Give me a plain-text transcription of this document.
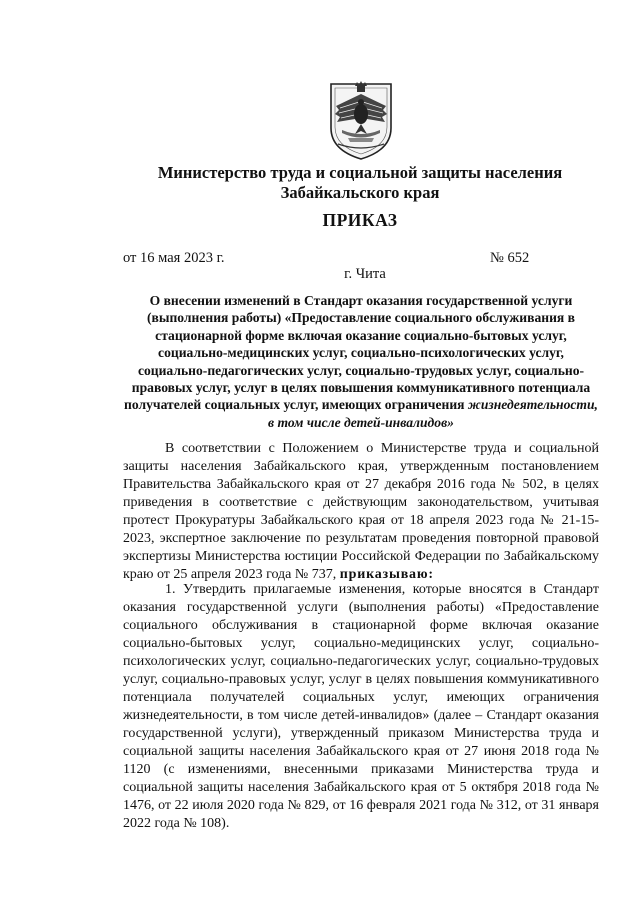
Министерство труда и социальной защиты населения
Забайкальского края
ПРИКАЗ
от 16 мая 2023 г.	№ 652
г. Чита
О внесении изменений в Стандарт оказания государственной услуги (выполнения работы) «Предоставление социального обслуживания в стационарной форме включая оказание социально-бытовых услуг, социально-медицинских услуг, социально-психологических услуг, социально-педагогических услуг, социально-трудовых услуг, социально-правовых услуг, услуг в целях повышения коммуникативного потенциала получателей социальных услуг, имеющих ограничения жизнедеятельности, в том числе детей-инвалидов»
В соответствии с Положением о Министерстве труда и социальной защиты населения Забайкальского края, утвержденным постановлением Правительства Забайкальского края от 27 декабря 2016 года № 502, в целях приведения в соответствие с действующим законодательством, учитывая протест Прокуратуры Забайкальского края от 18 апреля 2023 года № 21-15-2023, экспертное заключение по результатам проведения повторной правовой экспертизы Министерства юстиции Российской Федерации по Забайкальскому краю от 25 апреля 2023 года № 737, приказываю:
1. Утвердить прилагаемые изменения, которые вносятся в Стандарт оказания государственной услуги (выполнения работы) «Предоставление социального обслуживания в стационарной форме включая оказание социально-бытовых услуг, социально-медицинских услуг, социально-психологических услуг, социально-педагогических услуг, социально-трудовых услуг, социально-правовых услуг, услуг в целях повышения коммуникативного потенциала получателей социальных услуг, имеющих ограничения жизнедеятельности, в том числе детей-инвалидов» (далее – Стандарт оказания государственной услуги), утвержденный приказом Министерства труда и социальной защиты населения Забайкальского края от 27 июня 2018 года № 1120 (с изменениями, внесенными приказами Министерства труда и социальной защиты населения Забайкальского края от 5 октября 2018 года № 1476, от 22 июля 2020 года № 829, от 16 февраля 2021 года № 312, от 31 января 2022 года № 108).
